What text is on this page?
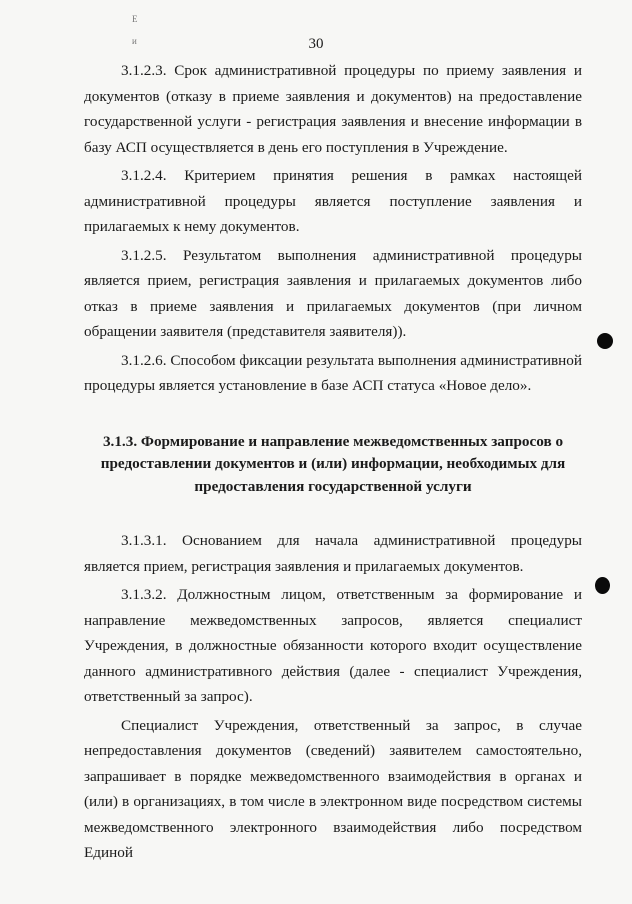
Е
и	30

3.1.2.3. Срок административной процедуры по приему заявления и документов (отказу в приеме заявления и документов) на предоставление государственной услуги - регистрация заявления и внесение информации в базу АСП осуществляется в день его поступления в Учреждение.

3.1.2.4. Критерием принятия решения в рамках настоящей административной процедуры является поступление заявления и прилагаемых к нему документов.

3.1.2.5. Результатом выполнения административной процедуры является прием, регистрация заявления и прилагаемых документов либо отказ в приеме заявления и прилагаемых документов (при личном обращении заявителя (представителя заявителя)).

3.1.2.6. Способом фиксации результата выполнения административной процедуры является установление в базе АСП статуса «Новое дело».

3.1.3. Формирование и направление межведомственных запросов о предоставлении документов и (или) информации, необходимых для предоставления государственной услуги

3.1.3.1. Основанием для начала административной процедуры является прием, регистрация заявления и прилагаемых документов.

3.1.3.2. Должностным лицом, ответственным за формирование и направление межведомственных запросов, является специалист Учреждения, в должностные обязанности которого входит осуществление данного административного действия (далее - специалист Учреждения, ответственный за запрос).

Специалист Учреждения, ответственный за запрос, в случае непредоставления документов (сведений) заявителем самостоятельно, запрашивает в порядке межведомственного взаимодействия в органах и (или) в организациях, в том числе в электронном виде посредством системы межведомственного электронного взаимодействия либо посредством Единой
